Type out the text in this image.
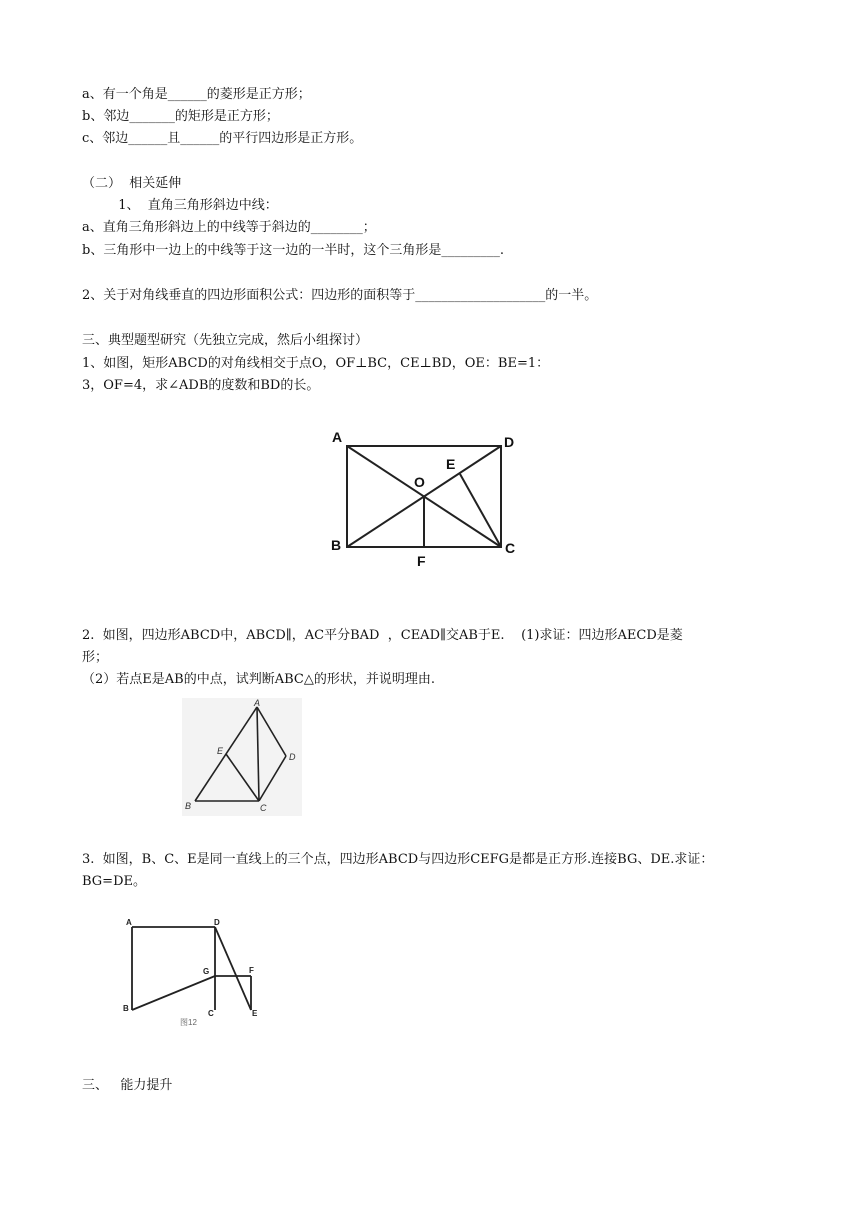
a、有一个角是______的菱形是正方形；
b、邻边_______的矩形是正方形；
c、邻边______且______的平行四边形是正方形。
（二）  相关延伸
1、  直角三角形斜边中线：
a、直角三角形斜边上的中线等于斜边的________；
b、三角形中一边上的中线等于这一边的一半时，这个三角形是_________.
2、关于对角线垂直的四边形面积公式：四边形的面积等于____________________的一半。
三、典型题型研究（先独立完成，然后小组探讨）
1、如图，矩形ABCD的对角线相交于点O，OF⊥BC，CE⊥BD，OE：BE=1：
3，OF=4，求∠ADB的度数和BD的长。
A	D
E
O
B	C
F
2.  如图，四边形ABCD中，ABCD∥，AC平分BAD  ，CEAD∥交AB于E.    (1)求证：四边形AECD是菱
形；
（2）若点E是AB的中点，试判断ABC△的形状，并说明理由.
A
E
D
B	C
3.  如图，B、C、E是同一直线上的三个点，四边形ABCD与四边形CEFG是都是正方形.连接BG、DE.求证：
BG=DE。
A	D
G	F
B
C	E
图12
三、   能力提升
